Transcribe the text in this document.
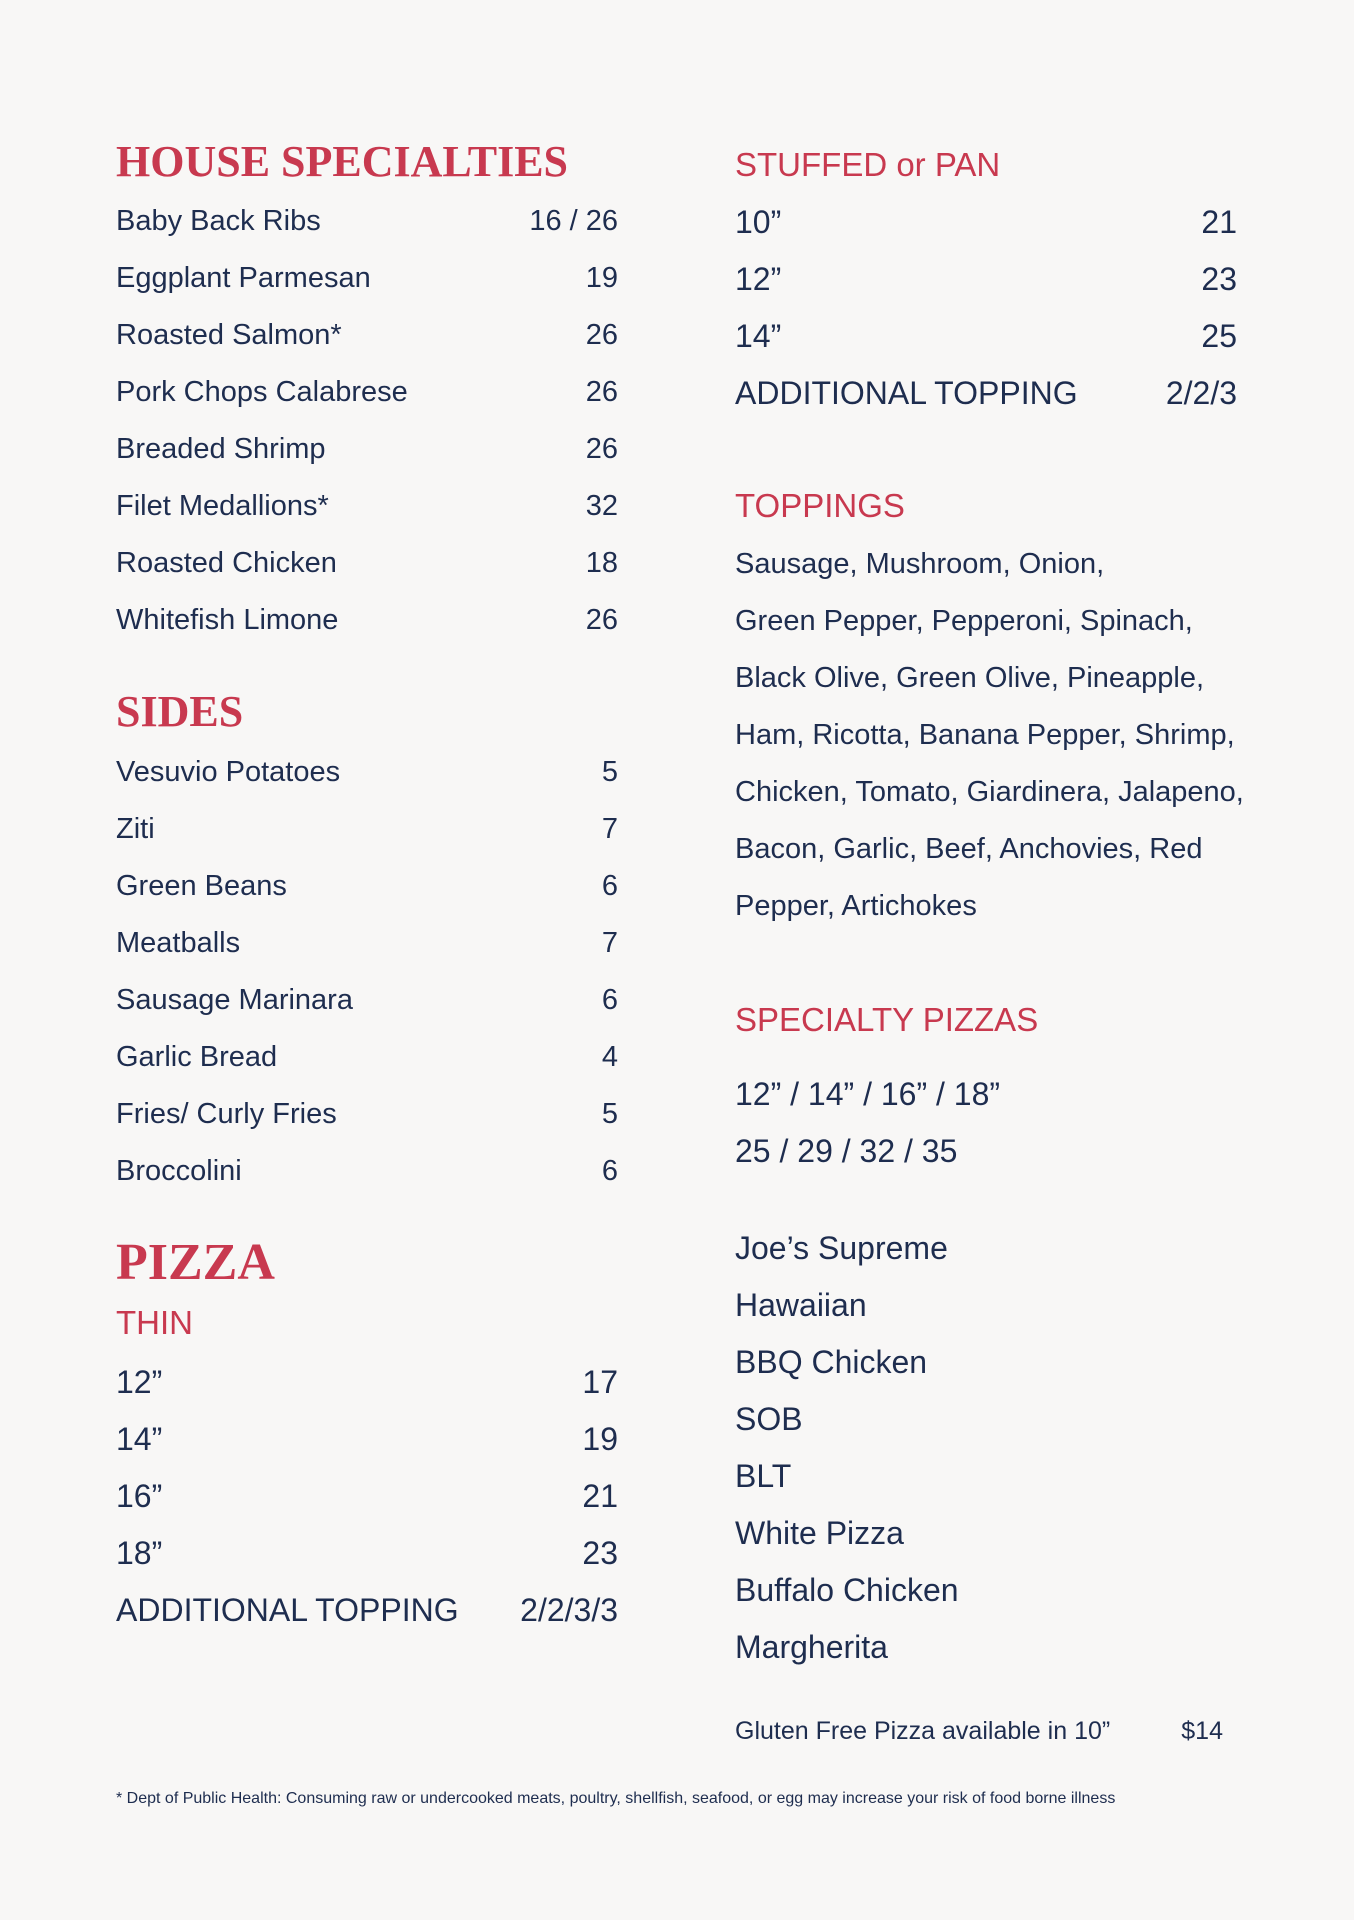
HOUSE SPECIALTIES
Baby Back Ribs	16 / 26
Eggplant Parmesan	19
Roasted Salmon*	26
Pork Chops Calabrese	26
Breaded Shrimp	26
Filet Medallions*	32
Roasted Chicken	18
Whitefish Limone	26
SIDES
Vesuvio Potatoes	5
Ziti	7
Green Beans	6
Meatballs	7
Sausage Marinara	6
Garlic Bread	4
Fries/ Curly Fries	5
Broccolini	6
PIZZA
THIN
12”	17
14”	19
16”	21
18”	23
ADDITIONAL TOPPING 2/2/3/3
STUFFED or PAN
10”	21
12”	23
14”	25
ADDITIONAL TOPPING	2/2/3
TOPPINGS
Sausage, Mushroom, Onion,
Green Pepper, Pepperoni, Spinach,
Black Olive, Green Olive, Pineapple,
Ham, Ricotta, Banana Pepper, Shrimp,
Chicken, Tomato, Giardinera, Jalapeno,
Bacon, Garlic, Beef, Anchovies, Red
Pepper, Artichokes
SPECIALTY PIZZAS
12” / 14” / 16” / 18”
25 / 29 / 32 / 35
Joe’s Supreme
Hawaiian
BBQ Chicken
SOB
BLT
White Pizza
Buffalo Chicken
Margherita
Gluten Free Pizza available in 10”	$14
* Dept of Public Health: Consuming raw or undercooked meats, poultry, shellfish, seafood, or egg may increase your risk of food borne illness
